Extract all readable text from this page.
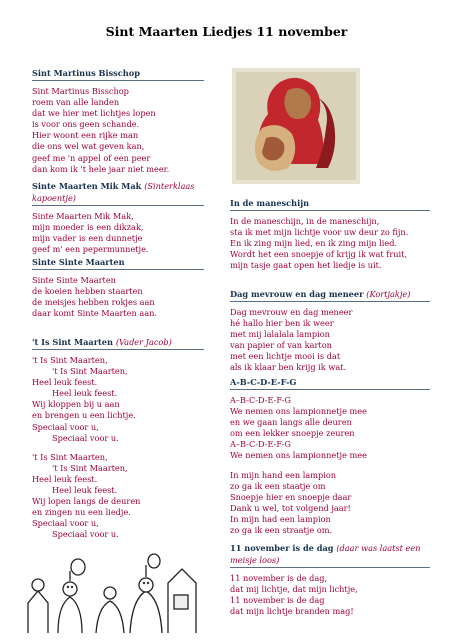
Sint Maarten Liedjes 11 november
Sint Martinus Bisschop
Sint Martinus Bisschop
roem van alle landen
dat we hier met lichtjes lopen
is voor ons geen schande.
Hier woont een rijke man
die ons wel wat geven kan,
geef me 'n appel of een peer
dan kom ik 't hele jaar niet meer.
Sinte Maarten Mik Mak (Sinterklaas kapoentje)
Sinte Maarten Mik Mak,
mijn moeder is een dikzak,
mijn vader is een dunnetje
geef m' een pepermunnetje.
Sinte Sinte Maarten
Sinte Sinte Maarten
de koeien hebben staarten
de meisjes hebben rokjes aan
daar komt Sinte Maarten aan.
't Is Sint Maarten (Vader Jacob)
't Is Sint Maarten,
't Is Sint Maarten,
Heel leuk feest.
Heel leuk feest.
Wij kloppen bij u aan
en brengen u een lichtje.
Speciaal voor u,
Speciaal voor u.
't Is Sint Maarten,
't Is Sint Maarten,
Heel leuk feest.
Heel leuk feest.
Wij lopen langs de deuren
en zingen nu een liedje.
Speciaal voor u,
Speciaal voor u.
In de maneschijn
In de maneschijn, in de maneschijn,
sta ik met mijn lichtje voor uw deur zo fijn.
En ik zing mijn lied, en ik zing mijn lied.
Wordt het een snoepje of krijg ik wat fruit,
mijn tasje gaat open het liedje is uit.
Dag mevrouw en dag meneer (Kortjakje)
Dag mevrouw en dag meneer
hé hallo hier ben ik weer
met mij lalalala lampion
van papier of van karton
met een lichtje mooi is dat
als ik klaar ben krijg ik wat.
A-B-C-D-E-F-G
A–B-C-D-E-F-G
We nemen ons lampionnetje mee
en we gaan langs alle deuren
om een lekker snoepje zeuren
A–B-C-D-E-F-G
We nemen ons lampionnetje mee
In mijn hand een lampion
zo ga ik een staatje om
Snoepje hier en snoepje daar
Dank u wel, tot volgend jaar!
In mijn had een lampion
zo ga ik een straatje om.
11 november is de dag (daar was laatst een meisje loos)
11 november is de dag,
dat mij lichtje, dat mijn lichtje,
11 november is de dag
dat mijn lichtje branden mag!
